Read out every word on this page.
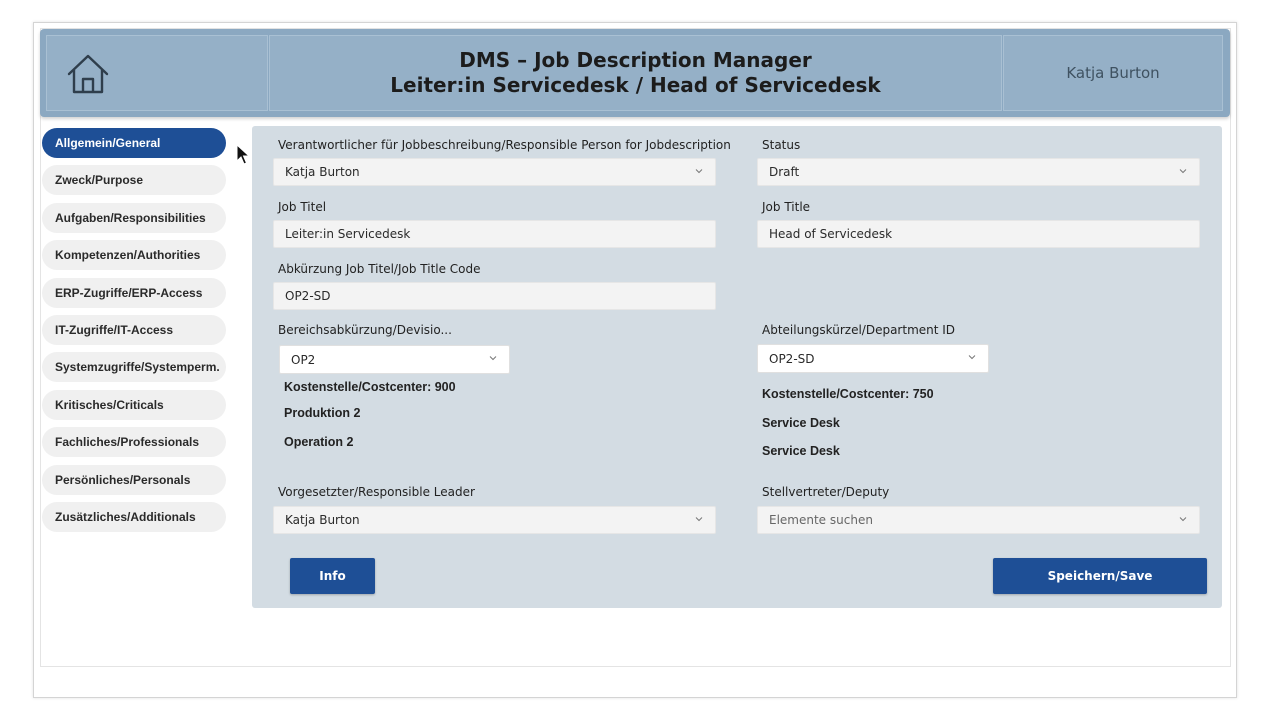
DMS – Job Description Manager
Leiter:in Servicedesk / Head of Servicedesk	Katja Burton
Allgemein/General
Zweck/Purpose
Aufgaben/Responsibilities
Kompetenzen/Authorities
ERP-Zugriffe/ERP-Access
IT-Zugriffe/IT-Access
Systemzugriffe/Systemperm.
Kritisches/Criticals
Fachliches/Professionals
Persönliches/Personals
Zusätzliches/Additionals
Verantwortlicher für Jobbeschreibung/Responsible Person for Jobdescription
Katja Burton
Status
Draft
Job Titel
Leiter:in Servicedesk
Job Title
Head of Servicedesk
Abkürzung Job Titel/Job Title Code
OP2-SD
Bereichsabkürzung/Devisio...
OP2
Kostenstelle/Costcenter: 900
Produktion 2
Operation 2
Abteilungskürzel/Department ID
OP2-SD
Kostenstelle/Costcenter: 750
Service Desk
Service Desk
Vorgesetzter/Responsible Leader
Katja Burton
Stellvertreter/Deputy
Elemente suchen
Info	Speichern/Save
